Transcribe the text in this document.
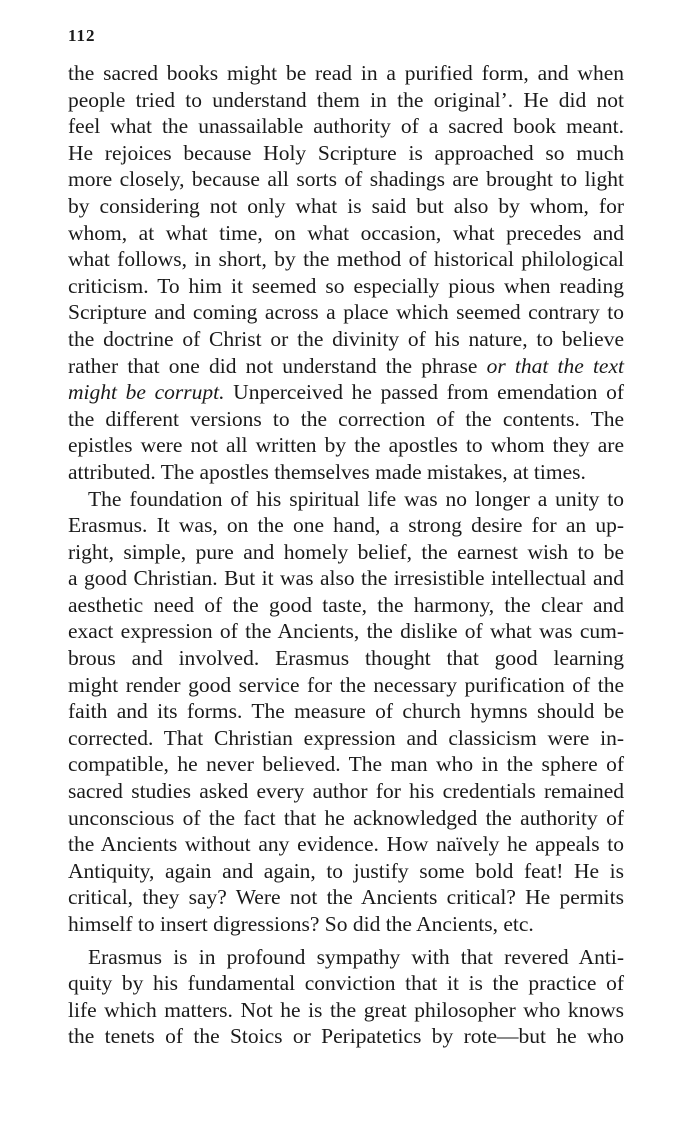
112
the sacred books might be read in a purified form, and when
people tried to understand them in the original’. He did not
feel what the unassailable authority of a sacred book meant.
He rejoices because Holy Scripture is approached so much
more closely, because all sorts of shadings are brought to light
by considering not only what is said but also by whom, for
whom, at what time, on what occasion, what precedes and
what follows, in short, by the method of historical philological
criticism. To him it seemed so especially pious when reading
Scripture and coming across a place which seemed contrary to
the doctrine of Christ or the divinity of his nature, to believe
rather that one did not understand the phrase or that the text
might be corrupt. Unperceived he passed from emendation of
the different versions to the correction of the contents. The
epistles were not all written by the apostles to whom they are
attributed. The apostles themselves made mistakes, at times.
The foundation of his spiritual life was no longer a unity to
Erasmus. It was, on the one hand, a strong desire for an up-
right, simple, pure and homely belief, the earnest wish to be
a good Christian. But it was also the irresistible intellectual and
aesthetic need of the good taste, the harmony, the clear and
exact expression of the Ancients, the dislike of what was cum-
brous and involved. Erasmus thought that good learning
might render good service for the necessary purification of the
faith and its forms. The measure of church hymns should be
corrected. That Christian expression and classicism were in-
compatible, he never believed. The man who in the sphere of
sacred studies asked every author for his credentials remained
unconscious of the fact that he acknowledged the authority of
the Ancients without any evidence. How naïvely he appeals to
Antiquity, again and again, to justify some bold feat! He is
critical, they say? Were not the Ancients critical? He permits
himself to insert digressions? So did the Ancients, etc.
Erasmus is in profound sympathy with that revered Anti-
quity by his fundamental conviction that it is the practice of
life which matters. Not he is the great philosopher who knows
the tenets of the Stoics or Peripatetics by rote—but he who
